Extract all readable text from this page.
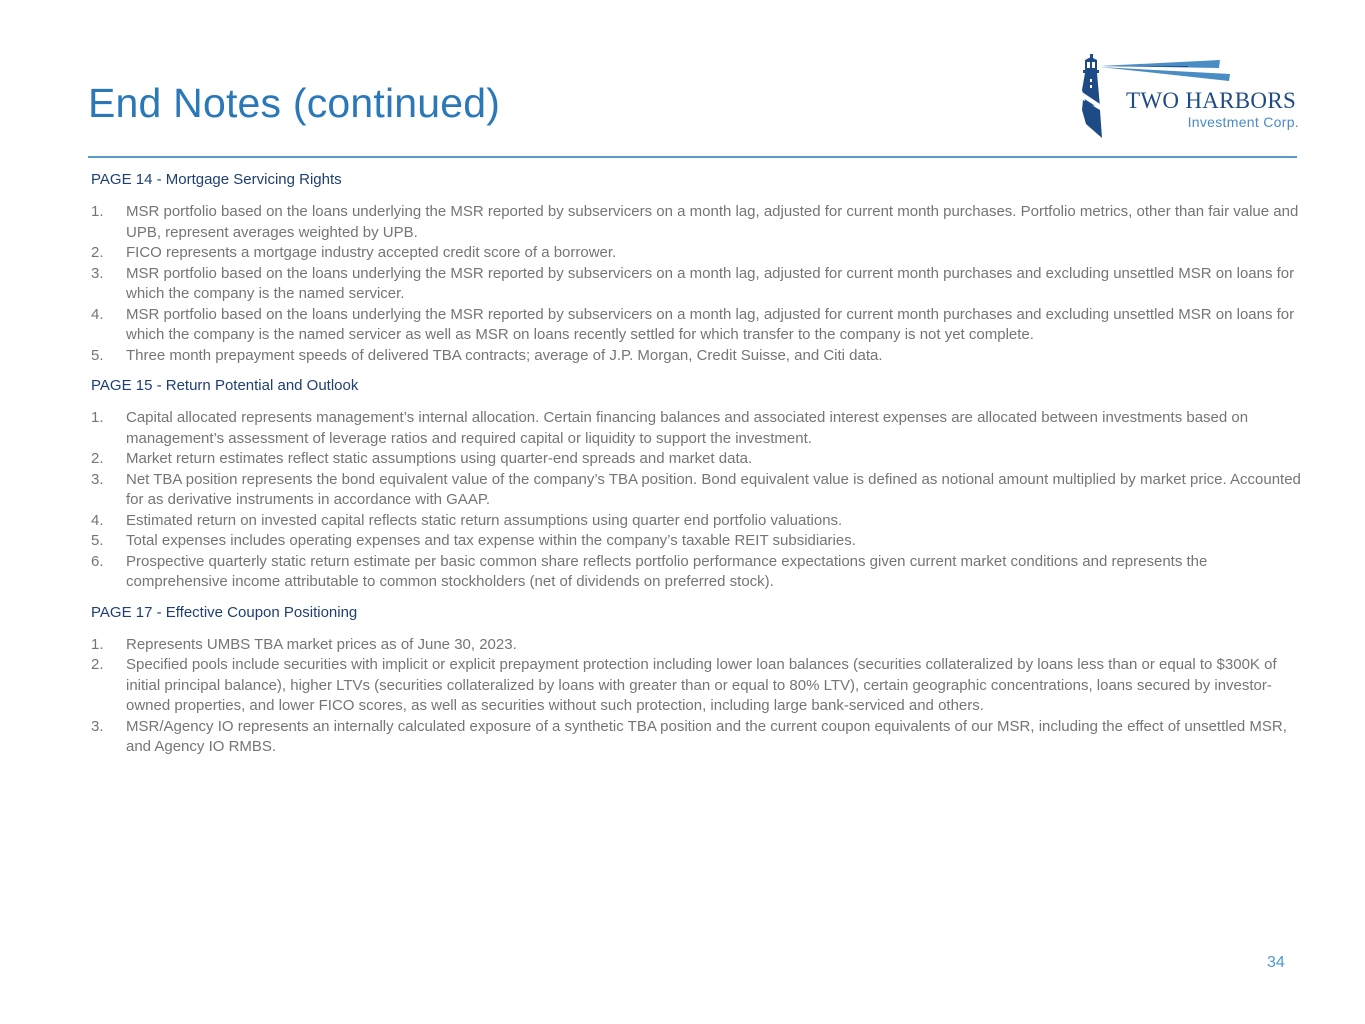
End Notes (continued)	TWO HARBORS
Investment Corp.
PAGE 14 - Mortgage Servicing Rights
1. MSR portfolio based on the loans underlying the MSR reported by subservicers on a month lag, adjusted for current month purchases. Portfolio metrics, other than fair value and UPB, represent averages weighted by UPB.
2. FICO represents a mortgage industry accepted credit score of a borrower.
3. MSR portfolio based on the loans underlying the MSR reported by subservicers on a month lag, adjusted for current month purchases and excluding unsettled MSR on loans for which the company is the named servicer.
4. MSR portfolio based on the loans underlying the MSR reported by subservicers on a month lag, adjusted for current month purchases and excluding unsettled MSR on loans for which the company is the named servicer as well as MSR on loans recently settled for which transfer to the company is not yet complete.
5. Three month prepayment speeds of delivered TBA contracts; average of J.P. Morgan, Credit Suisse, and Citi data.
PAGE 15 - Return Potential and Outlook
1. Capital allocated represents management’s internal allocation. Certain financing balances and associated interest expenses are allocated between investments based on management’s assessment of leverage ratios and required capital or liquidity to support the investment.
2. Market return estimates reflect static assumptions using quarter-end spreads and market data.
3. Net TBA position represents the bond equivalent value of the company’s TBA position. Bond equivalent value is defined as notional amount multiplied by market price. Accounted for as derivative instruments in accordance with GAAP.
4. Estimated return on invested capital reflects static return assumptions using quarter end portfolio valuations.
5. Total expenses includes operating expenses and tax expense within the company’s taxable REIT subsidiaries.
6. Prospective quarterly static return estimate per basic common share reflects portfolio performance expectations given current market conditions and represents the comprehensive income attributable to common stockholders (net of dividends on preferred stock).
PAGE 17 - Effective Coupon Positioning
1. Represents UMBS TBA market prices as of June 30, 2023.
2. Specified pools include securities with implicit or explicit prepayment protection including lower loan balances (securities collateralized by loans less than or equal to $300K of initial principal balance), higher LTVs (securities collateralized by loans with greater than or equal to 80% LTV), certain geographic concentrations, loans secured by investor-owned properties, and lower FICO scores, as well as securities without such protection, including large bank-serviced and others.
3. MSR/Agency IO represents an internally calculated exposure of a synthetic TBA position and the current coupon equivalents of our MSR, including the effect of unsettled MSR, and Agency IO RMBS.
34
